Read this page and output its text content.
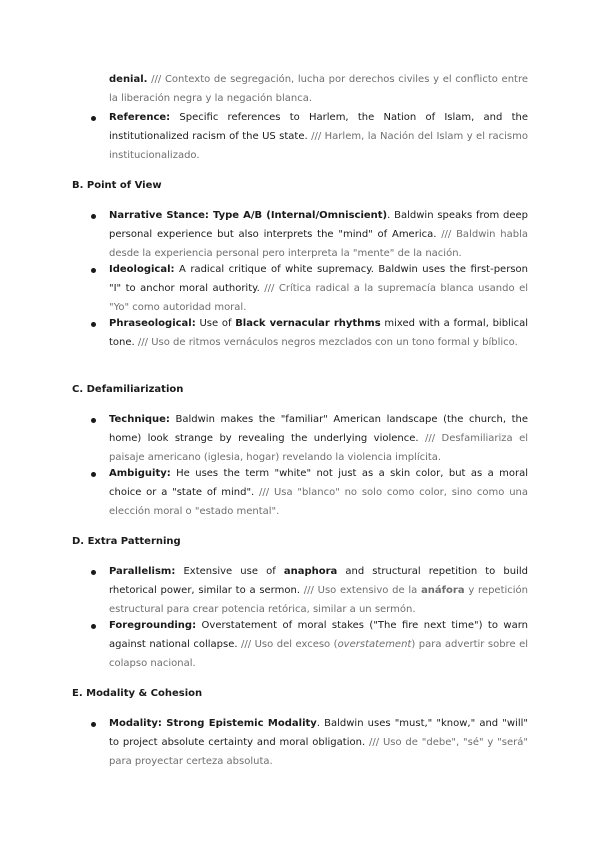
denial. /// Contexto de segregación, lucha por derechos civiles y el conflicto entre la liberación negra y la negación blanca.
Reference: Specific references to Harlem, the Nation of Islam, and the institutionalized racism of the US state. /// Harlem, la Nación del Islam y el racismo institucionalizado.
B. Point of View
Narrative Stance: Type A/B (Internal/Omniscient). Baldwin speaks from deep personal experience but also interprets the "mind" of America. /// Baldwin habla desde la experiencia personal pero interpreta la "mente" de la nación.
Ideological: A radical critique of white supremacy. Baldwin uses the first-person "I" to anchor moral authority. /// Crítica radical a la supremacía blanca usando el "Yo" como autoridad moral.
Phraseological: Use of Black vernacular rhythms mixed with a formal, biblical tone. /// Uso de ritmos vernáculos negros mezclados con un tono formal y bíblico.
C. Defamiliarization
Technique: Baldwin makes the "familiar" American landscape (the church, the home) look strange by revealing the underlying violence. /// Desfamiliariza el paisaje americano (iglesia, hogar) revelando la violencia implícita.
Ambiguity: He uses the term "white" not just as a skin color, but as a moral choice or a "state of mind". /// Usa "blanco" no solo como color, sino como una elección moral o "estado mental".
D. Extra Patterning
Parallelism: Extensive use of anaphora and structural repetition to build rhetorical power, similar to a sermon. /// Uso extensivo de la anáfora y repetición estructural para crear potencia retórica, similar a un sermón.
Foregrounding: Overstatement of moral stakes ("The fire next time") to warn against national collapse. /// Uso del exceso (overstatement) para advertir sobre el colapso nacional.
E. Modality & Cohesion
Modality: Strong Epistemic Modality. Baldwin uses "must," "know," and "will" to project absolute certainty and moral obligation. /// Uso de "debe", "sé" y "será" para proyectar certeza absoluta.
